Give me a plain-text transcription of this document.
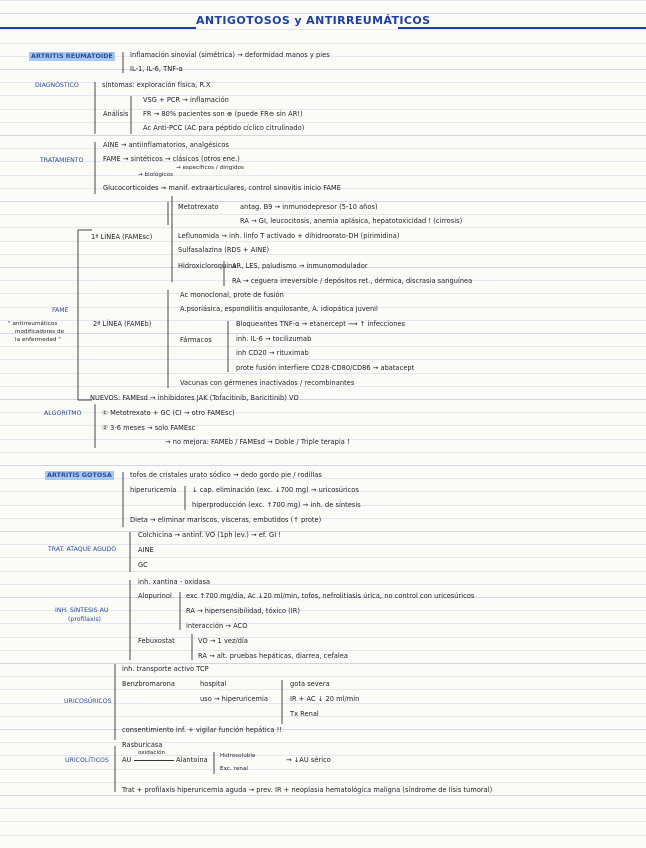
ANTIGOTOSOS y ANTIRREUMÁTICOS
ARTRITIS REUMATOIDE	Inflamación sinovial (simétrica) → deformidad manos y pies
IL-1, IL-6, TNF-α
DIAGNÓSTICO	síntomas: exploración física, R.X
Análisis
VSG + PCR → inflamación
FR → 80% pacientes son ⊕ (puede FR⊖ sin AR!)
Ac Anti-PCC (AC para péptido cíclico citrulinado)
TRATAMIENTO
AINE → antiinflamatorios, analgésicos
FAME → sintéticos → clásicos (otros ene.)
→ específicos / dirigidos
→ biológicos
Glucocorticoides → manif. extraarticulares, control sinovitis inicio FAME
FAME
" antirreumáticos
modificadores de
la enfermedad "
1ª LÍNEA (FAMEsc)
Metotrexato	antag. B9 → inmunodepresor (5-10 años)
RA → GI, leucocitosis, anemia aplásica, hepatotoxicidad ! (cirrosis)
Leflunomida → inh. linfo T activado + dihidroorato-DH (pirimidina)
Sulfasalazina (RDS + AINE)
Hidroxicloroquina
AR, LES, paludismo → inmunomodulador
RA → ceguera irreversible / depósitos ret., dérmica, discrasia sanguínea
2ª LÍNEA (FAMEb)
Ac monoclonal, prote de fusión
A.psoriásica, espondilitis anquilosante, A. idiopática juvenil
Fármacos
Bloqueantes TNF-α → etanercept ⟿ ↑ infecciones
inh. IL-6 → tocilizumab
inh CD20 → rituximab
prote fusión interfiere CD28-CD80/CD86 → abatacept
Vacunas con gérmenes inactivados / recombinantes
NUEVOS: FAMEsd → inhibidores JAK (Tofacitinib, Baricitinib) VO
ALGORITMO	① Metotrexato + GC (CI → otro FAMEsc)
② 3-6 meses → solo FAMEsc
→ no mejora: FAMEb / FAMEsd → Doble / Triple terapia !
ARTRITIS GOTOSA	tofos de cristales urato sódico → dedo gordo pie / rodillas
hiperuricemia ↓ cap. eliminación (exc. ↓700 mg) → uricosúricos
hiperproducción (exc. ↑700 mg) → inh. de síntesis
Dieta → eliminar mariscos, vísceras, embutidos (↑ prote)
TRAT. ATAQUE AGUDO
Colchicina → antinf. VO (1ph lev.) → ef. GI !
AINE
GC
INH. SÍNTESIS AU
(profilaxis)
inh. xantina - oxidasa
Alopurinol exc ↑700 mg/día, Ac ↓20 ml/min, tofos, nefrolitiasis úrica, no control con uricosúricos
RA → hipersensibilidad, tóxico (IR)
interacción → ACO
Febuxostat	VO → 1 vez/día
RA → alt. pruebas hepáticas, diarrea, cefalea
URICOSÚRICOS
inh. transporte activo TCP
Benzbromarona	hospital
uso → hiperuricemia
gota severa
IR + AC ↓ 20 ml/min
Tx Renal
consentimiento inf. + vigilar función hepática !!
URICOLÍTICOS
Rasburicasa
AU
oxidación
Alantoína Hidrosoluble
Exc. renal
→ ↓AU sérico
Trat + profilaxis hiperuricemia aguda → prev. IR + neoplasia hematológica maligna (síndrome de lisis tumoral)
